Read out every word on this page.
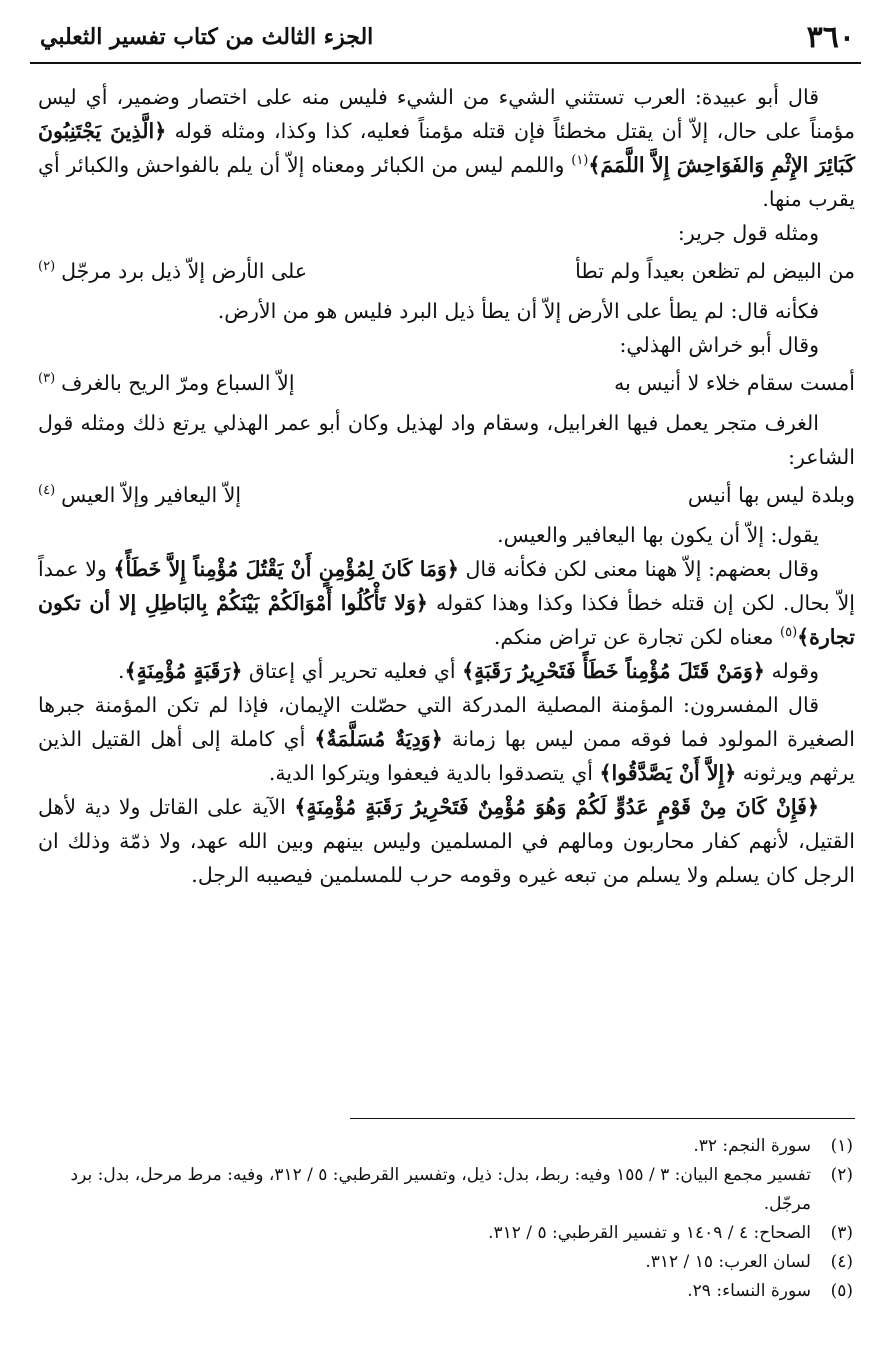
٣٦٠
الجزء الثالث من كتاب تفسير الثعلبي

قال أبو عبيدة: العرب تستثني الشيء من الشيء فليس منه على اختصار وضمير، أي ليس مؤمناً على حال، إلاّ أن يقتل مخطئاً فإن قتله مؤمناً فعليه، كذا وكذا، ومثله قوله ﴿الَّذِينَ يَجْتَنِبُونَ كَبَائِرَ الإِثْمِ وَالفَوَاحِشَ إِلاَّ اللَّمَمَ﴾$^{(١)}$ واللمم ليس من الكبائر ومعناه إلاّ أن يلم بالفواحش والكبائر أي يقرب منها.

ومثله قول جرير:

من البيض لم تظعن بعيداً ولم تطأ
على الأرض إلاّ ذيل برد مرجّل$^{(٢)}$

فكأنه قال: لم يطأ على الأرض إلاّ أن يطأ ذيل البرد فليس هو من الأرض.

وقال أبو خراش الهذلي:

أمست سقام خلاء لا أنيس به
إلاّ السباع ومرّ الريح بالغرف$^{(٣)}$

الغرف متجر يعمل فيها الغرابيل، وسقام واد لهذيل وكان أبو عمر الهذلي يرتع ذلك ومثله قول الشاعر:

وبلدة ليس بها أنيس
إلاّ اليعافير وإلاّ العيس$^{(٤)}$

يقول: إلاّ أن يكون بها اليعافير والعيس.

وقال بعضهم: إلاّ ههنا معنى لكن فكأنه قال ﴿وَمَا كَانَ لِمُؤْمِنٍ أَنْ يَقْتُلَ مُؤْمِناً إِلاَّ خَطَأً﴾ ولا عمداً إلاّ بحال. لكن إن قتله خطأ فكذا وكذا وهذا كقوله ﴿وَلا تَأْكُلُوا أَمْوَالَكُمْ بَيْنَكُمْ بِالبَاطِلِ إلا أن تكون تجارة﴾$^{(٥)}$ معناه لكن تجارة عن تراض منكم.

وقوله ﴿وَمَنْ قَتَلَ مُؤْمِناً خَطَأً فَتَحْرِيرُ رَقَبَةٍ﴾ أي فعليه تحرير أي إعتاق ﴿رَقَبَةٍ مُؤْمِنَةٍ﴾.

قال المفسرون: المؤمنة المصلية المدركة التي حصّلت الإيمان، فإذا لم تكن المؤمنة جبرها الصغيرة المولود فما فوقه ممن ليس بها زمانة ﴿وَدِيَةٌ مُسَلَّمَةٌ﴾ أي كاملة إلى أهل القتيل الذين يرثهم ويرثونه ﴿إِلاَّ أَنْ يَصَّدَّقُوا﴾ أي يتصدقوا بالدية فيعفوا ويتركوا الدية.

﴿فَإِنْ كَانَ مِنْ قَوْمٍ عَدُوٍّ لَكُمْ وَهُوَ مُؤْمِنٌ فَتَحْرِيرُ رَقَبَةٍ مُؤْمِنَةٍ﴾ الآية على القاتل ولا دية لأهل القتيل، لأنهم كفار محاربون ومالهم في المسلمين وليس بينهم وبين الله عهد، ولا ذمّة وذلك ان الرجل كان يسلم ولا يسلم من تبعه غيره وقومه حرب للمسلمين فيصيبه الرجل.

(١)
سورة النجم: ٣٢.
(٢)
تفسير مجمع البيان: ٣ / ١٥٥ وفيه: ربط، بدل: ذيل، وتفسير القرطبي: ٥ / ٣١٢، وفيه: مرط مرحل، بدل: برد مرجّل.
(٣)
الصحاح: ٤ / ١٤٠٩ و تفسير القرطبي: ٥ / ٣١٢.
(٤)
لسان العرب: ١٥ / ٣١٢.
(٥)
سورة النساء: ٢٩.
